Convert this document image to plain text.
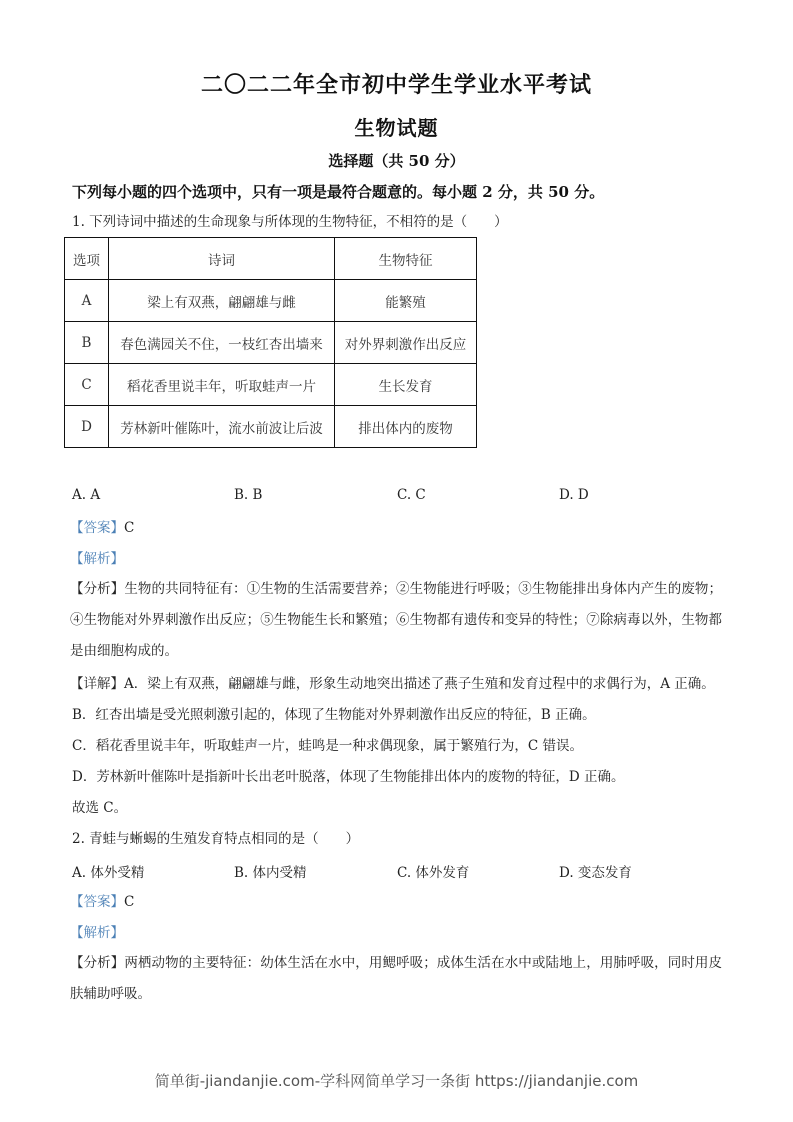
二〇二二年全市初中学生学业水平考试
生物试题
选择题（共 50 分）
下列每小题的四个选项中，只有一项是最符合题意的。每小题 2 分，共 50 分。
1. 下列诗词中描述的生命现象与所体现的生物特征，不相符的是（　　）
选项	诗词	生物特征
A	梁上有双燕，翩翩雄与雌	能繁殖
B	春色满园关不住，一枝红杏出墙来	对外界刺激作出反应
C	稻花香里说丰年，听取蛙声一片	生长发育
D	芳林新叶催陈叶，流水前波让后波	排出体内的废物
A. A	B. B	C. C	D. D
【答案】C
【解析】
【分析】生物的共同特征有：①生物的生活需要营养；②生物能进行呼吸；③生物能排出身体内产生的废物；④生物能对外界刺激作出反应；⑤生物能生长和繁殖；⑥生物都有遗传和变异的特性；⑦除病毒以外，生物都是由细胞构成的。
【详解】A．梁上有双燕，翩翩雄与雌，形象生动地突出描述了燕子生殖和发育过程中的求偶行为，A 正确。
B．红杏出墙是受光照刺激引起的，体现了生物能对外界刺激作出反应的特征，B 正确。
C．稻花香里说丰年，听取蛙声一片，蛙鸣是一种求偶现象，属于繁殖行为，C 错误。
D．芳林新叶催陈叶是指新叶长出老叶脱落，体现了生物能排出体内的废物的特征，D 正确。
故选 C。
2. 青蛙与蜥蜴的生殖发育特点相同的是（　　）
A. 体外受精	B. 体内受精	C. 体外发育	D. 变态发育
【答案】C
【解析】
【分析】两栖动物的主要特征：幼体生活在水中，用鳃呼吸；成体生活在水中或陆地上，用肺呼吸，同时用皮肤辅助呼吸。
简单街-jiandanjie.com-学科网简单学习一条街 https://jiandanjie.com
